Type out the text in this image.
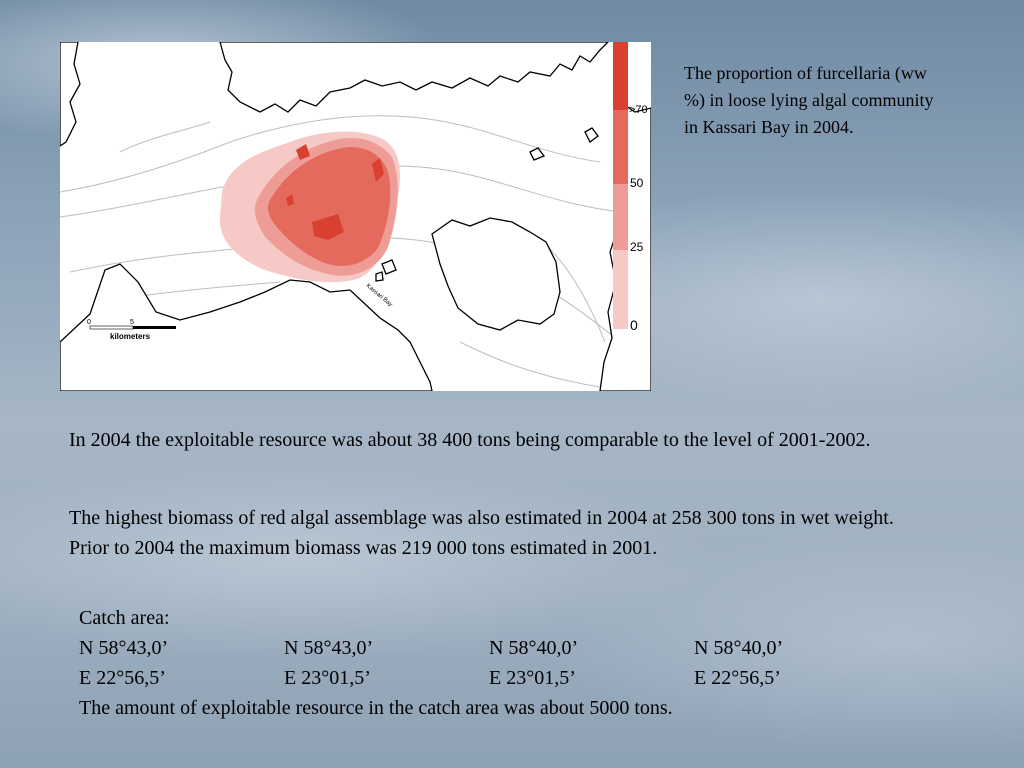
>70
50
25
0
0	5
kilometers
Kassari Bay
The proportion of furcellaria (ww %) in loose lying algal community in Kassari Bay in 2004.
In 2004 the exploitable resource was about 38 400 tons being comparable to the level of 2001-2002.
The highest biomass of red algal assemblage was also estimated in 2004 at 258 300 tons in wet weight. Prior to 2004 the maximum biomass was 219 000 tons estimated in 2001.
Catch area:
N 58°43,0’	N 58°43,0’	N 58°40,0’	N 58°40,0’
E 22°56,5’	E 23°01,5’	E 23°01,5’	E 22°56,5’
The amount of exploitable resource in the catch area was about 5000 tons.
